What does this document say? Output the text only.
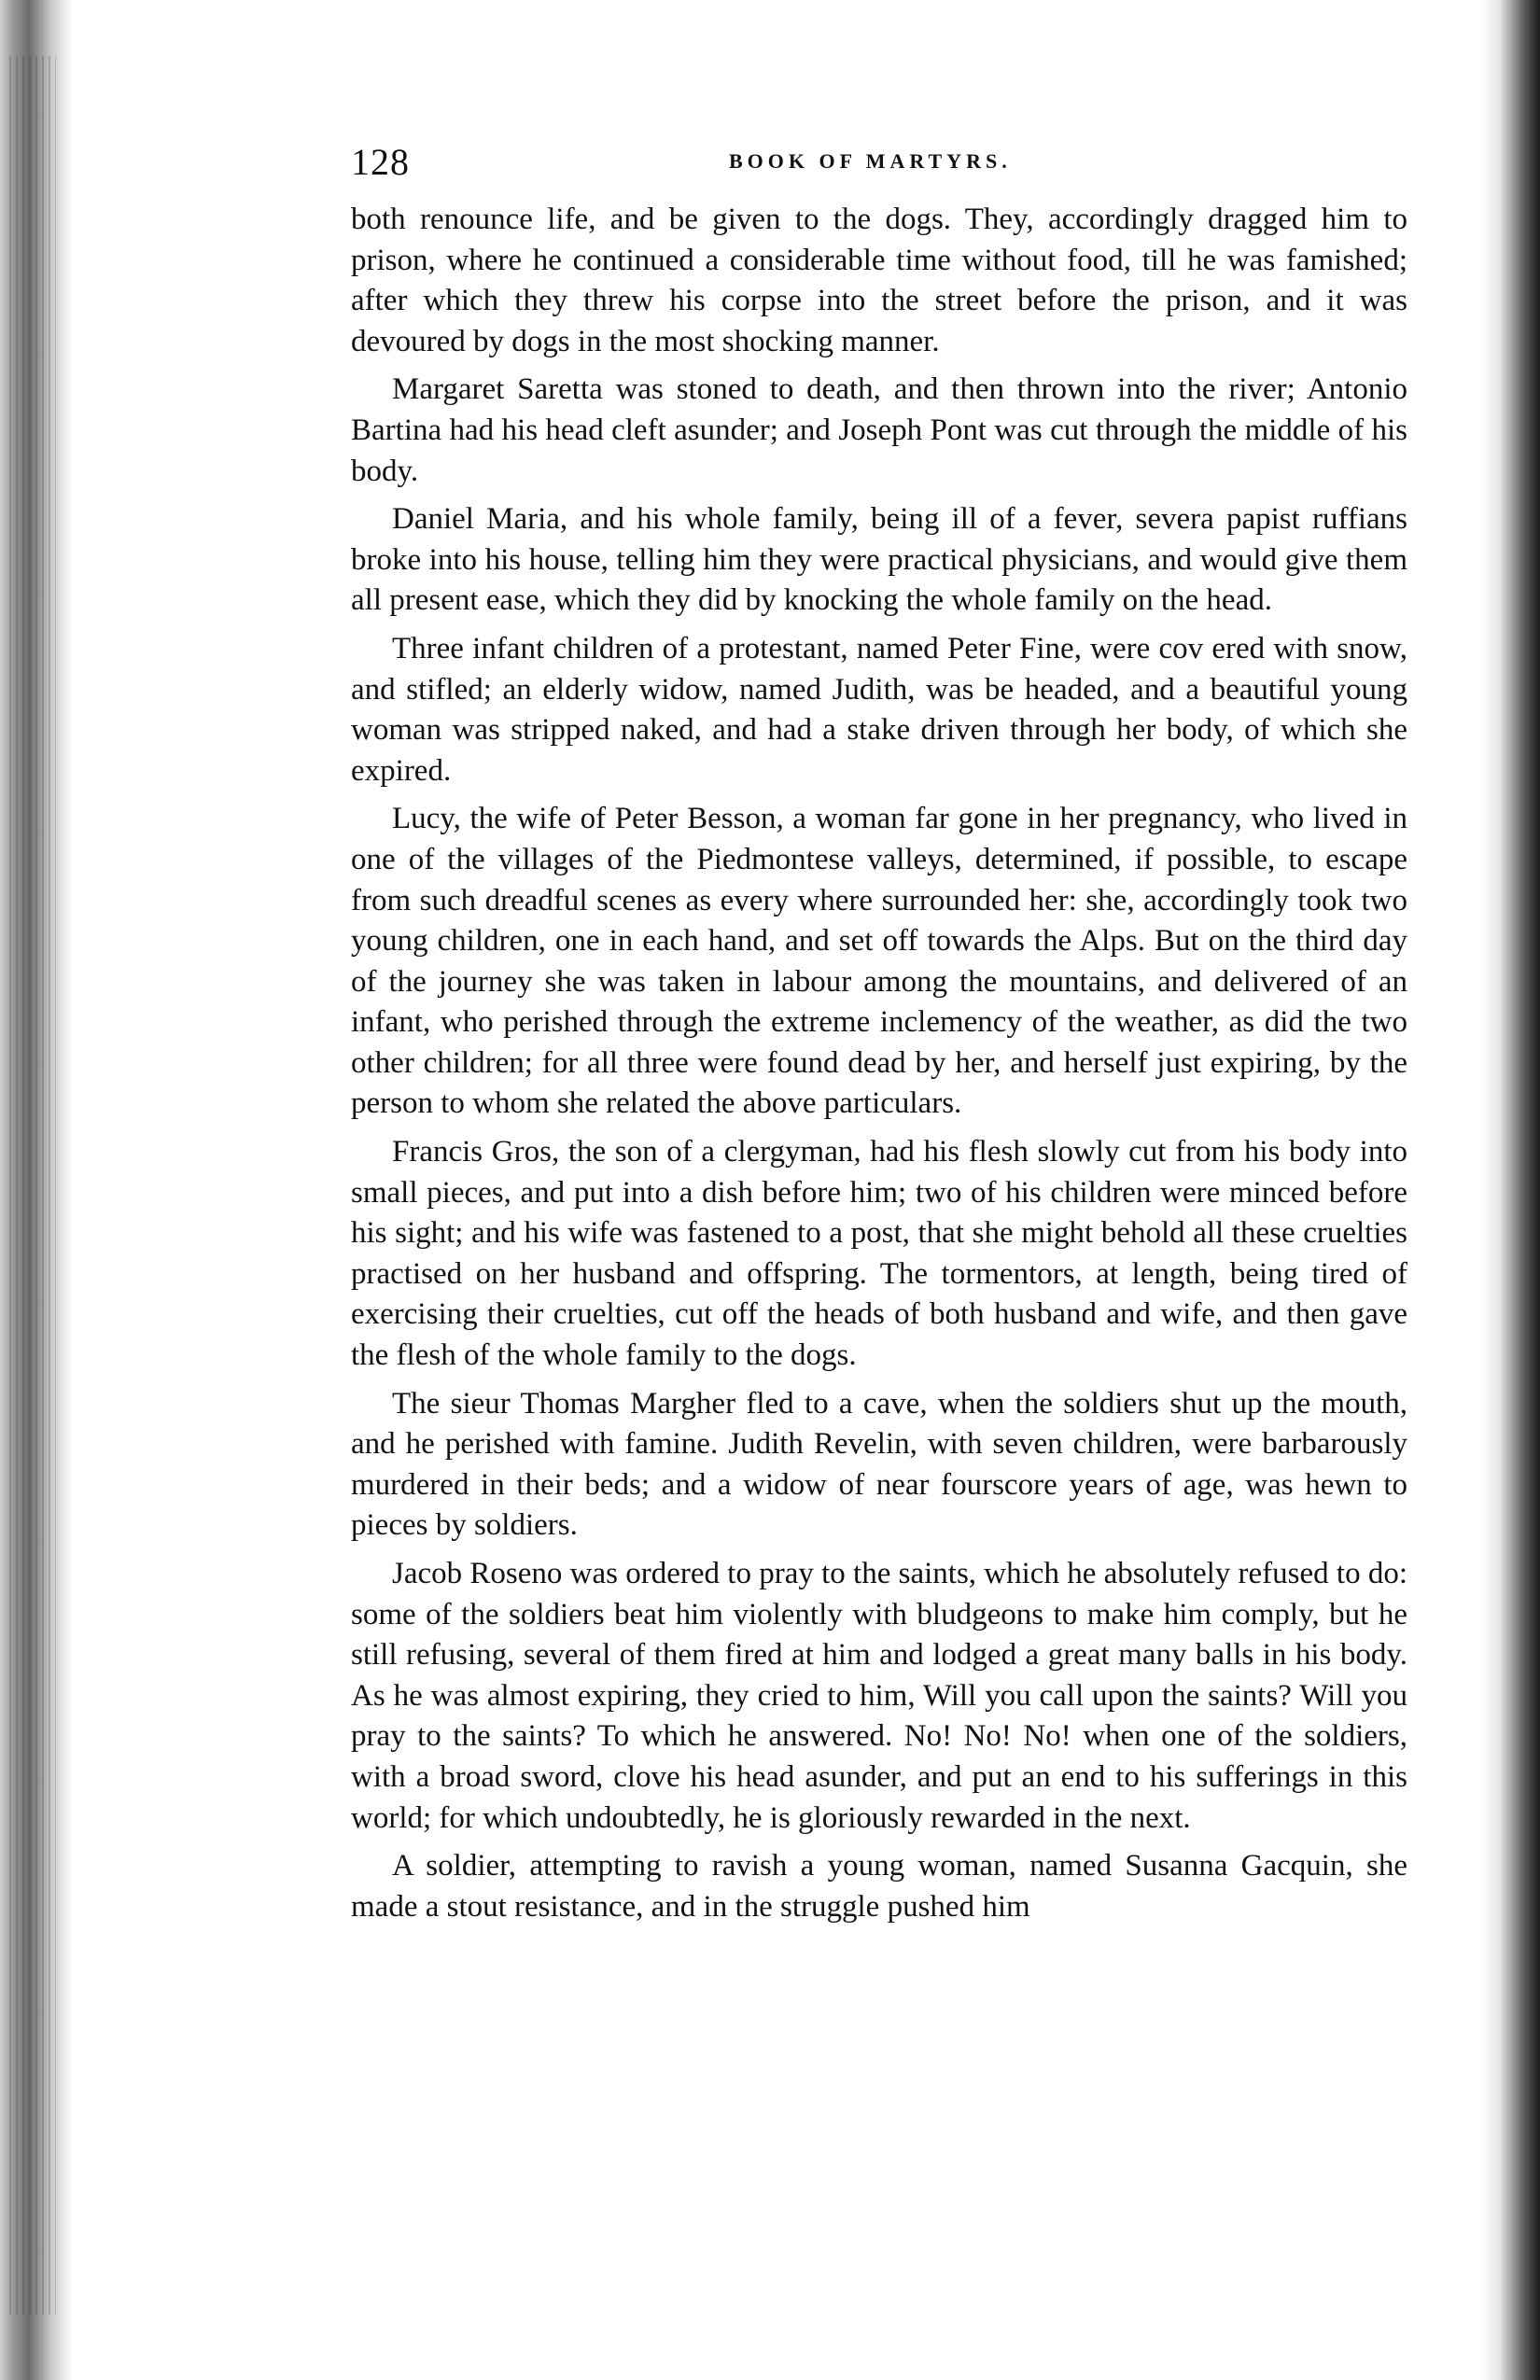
128	BOOK OF MARTYRS.

both renounce life, and be given to the dogs. They, accordingly dragged him to prison, where he continued a considerable time without food, till he was famished; after which they threw his corpse into the street before the prison, and it was devoured by dogs in the most shocking manner.

Margaret Saretta was stoned to death, and then thrown into the river; Antonio Bartina had his head cleft asunder; and Joseph Pont was cut through the middle of his body.

Daniel Maria, and his whole family, being ill of a fever, severa papist ruffians broke into his house, telling him they were practical physicians, and would give them all present ease, which they did by knocking the whole family on the head.

Three infant children of a protestant, named Peter Fine, were cov ered with snow, and stifled; an elderly widow, named Judith, was be headed, and a beautiful young woman was stripped naked, and had a stake driven through her body, of which she expired.

Lucy, the wife of Peter Besson, a woman far gone in her pregnancy, who lived in one of the villages of the Piedmontese valleys, determined, if possible, to escape from such dreadful scenes as every where surrounded her: she, accordingly took two young children, one in each hand, and set off towards the Alps. But on the third day of the journey she was taken in labour among the mountains, and delivered of an infant, who perished through the extreme inclemency of the weather, as did the two other children; for all three were found dead by her, and herself just expiring, by the person to whom she related the above particulars.

Francis Gros, the son of a clergyman, had his flesh slowly cut from his body into small pieces, and put into a dish before him; two of his children were minced before his sight; and his wife was fastened to a post, that she might behold all these cruelties practised on her husband and offspring. The tormentors, at length, being tired of exercising their cruelties, cut off the heads of both husband and wife, and then gave the flesh of the whole family to the dogs.

The sieur Thomas Margher fled to a cave, when the soldiers shut up the mouth, and he perished with famine. Judith Revelin, with seven children, were barbarously murdered in their beds; and a widow of near fourscore years of age, was hewn to pieces by soldiers.

Jacob Roseno was ordered to pray to the saints, which he absolutely refused to do: some of the soldiers beat him violently with bludgeons to make him comply, but he still refusing, several of them fired at him and lodged a great many balls in his body. As he was almost expiring, they cried to him, Will you call upon the saints? Will you pray to the saints? To which he answered. No! No! No! when one of the soldiers, with a broad sword, clove his head asunder, and put an end to his sufferings in this world; for which undoubtedly, he is gloriously rewarded in the next.

A soldier, attempting to ravish a young woman, named Susanna Gacquin, she made a stout resistance, and in the struggle pushed him
